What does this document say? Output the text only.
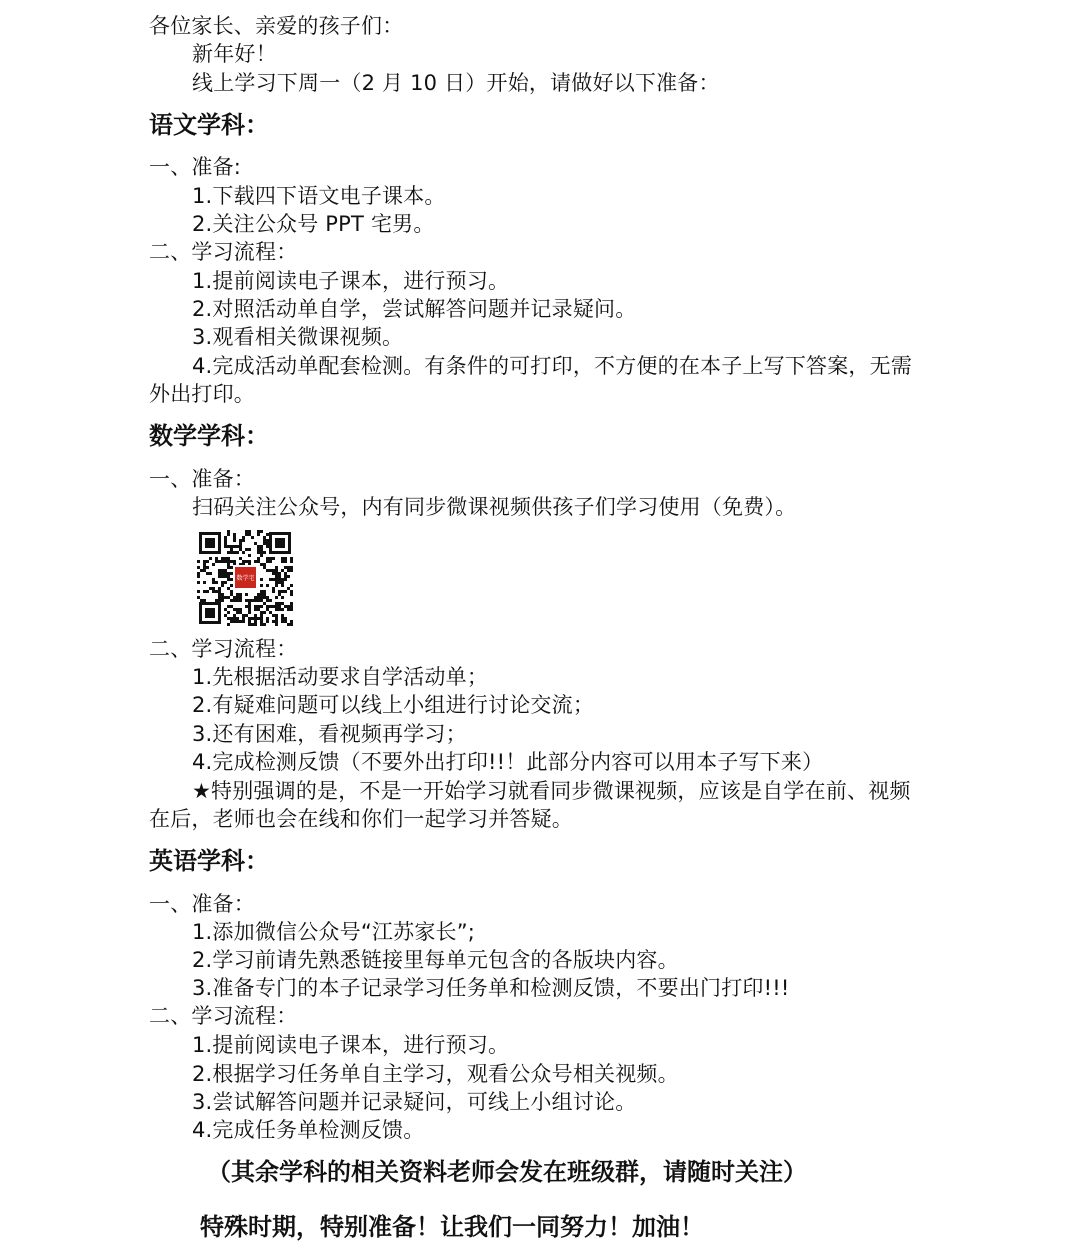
各位家长、亲爱的孩子们：
新年好！
线上学习下周一（2 月 10 日）开始，请做好以下准备：
语文学科：
一、准备:
1.下载四下语文电子课本。
2.关注公众号 PPT 宅男。
二、学习流程：
1.提前阅读电子课本，进行预习。
2.对照活动单自学，尝试解答问题并记录疑问。
3.观看相关微课视频。
4.完成活动单配套检测。有条件的可打印，不方便的在本子上写下答案，无需
外出打印。
数学学科：
一、准备：
扫码关注公众号，内有同步微课视频供孩子们学习使用（免费）。
数学宅
二、学习流程：
1.先根据活动要求自学活动单；
2.有疑难问题可以线上小组进行讨论交流；
3.还有困难，看视频再学习；
4.完成检测反馈（不要外出打印!!！此部分内容可以用本子写下来）
★特别强调的是，不是一开始学习就看同步微课视频，应该是自学在前、视频
在后，老师也会在线和你们一起学习并答疑。
英语学科：
一、准备：
1.添加微信公众号“江苏家长”;
2.学习前请先熟悉链接里每单元包含的各版块内容。
3.准备专门的本子记录学习任务单和检测反馈，不要出门打印!!!
二、学习流程：
1.提前阅读电子课本，进行预习。
2.根据学习任务单自主学习，观看公众号相关视频。
3.尝试解答问题并记录疑问，可线上小组讨论。
4.完成任务单检测反馈。
（其余学科的相关资料老师会发在班级群，请随时关注）
特殊时期，特别准备！让我们一同努力！加油！
